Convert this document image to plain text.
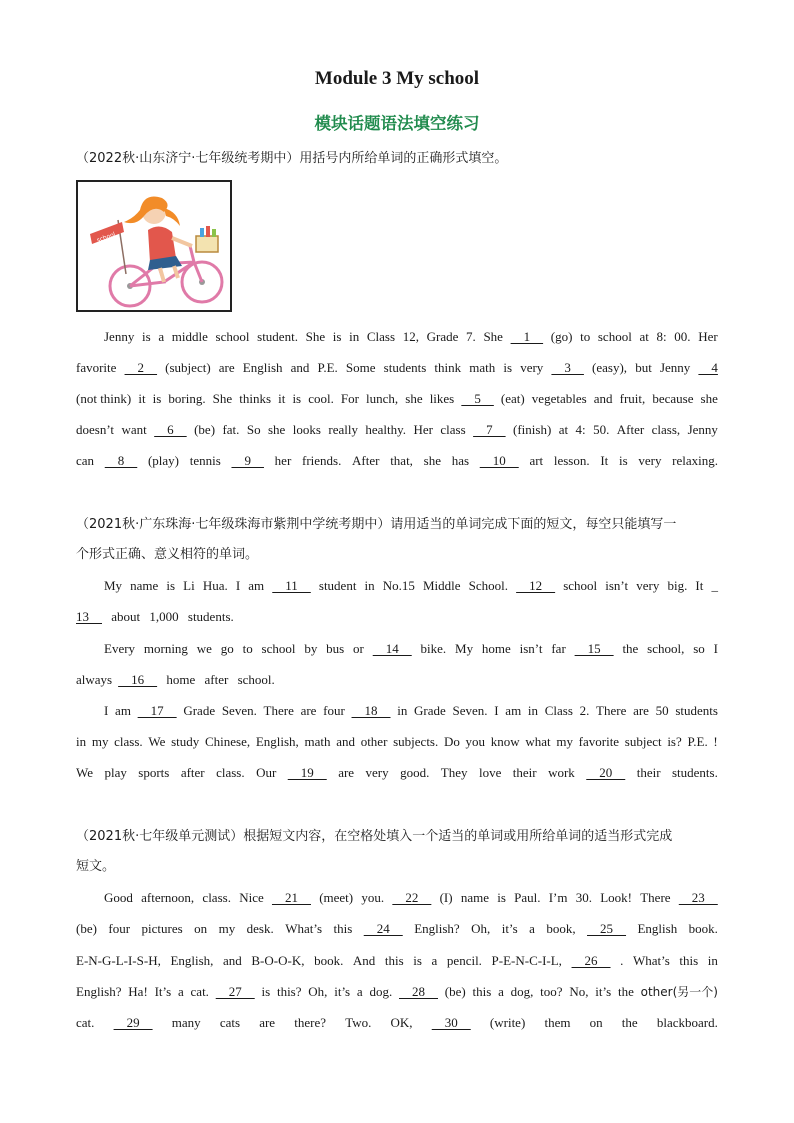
Module 3 My school
模块话题语法填空练习
（2022秋·山东济宁·七年级统考期中）用括号内所给单词的正确形式填空。
school
Jenny is a middle school student. She is in Class 12, Grade 7. She 1 (go) to school at 8: 00. Her
favorite 2 (subject) are English and P.E. Some students think math is very 3 (easy), but Jenny 4
(not think) it is boring. She thinks it is cool. For lunch, she likes 5 (eat) vegetables and fruit, because she
doesn’t want 6 (be) fat. So she looks really healthy. Her class 7 (finish) at 4: 50. After class, Jenny
can 8 (play) tennis 9 her friends. After that, she has 10 art lesson. It is very relaxing.
（2021秋·广东珠海·七年级珠海市紫荆中学统考期中）请用适当的单词完成下面的短文，每空只能填写一
个形式正确、意义相符的单词。
My name is Li Hua. I am 11 student in No.15 Middle School. 12 school isn’t very big. It _
13 about 1,000 students.
Every morning we go to school by bus or 14 bike. My home isn’t far 15 the school, so I
always 16 home after school.
I am 17 Grade Seven. There are four 18 in Grade Seven. I am in Class 2. There are 50 students
in my class. We study Chinese, English, math and other subjects. Do you know what my favorite subject is? P.E. !
We play sports after class. Our 19 are very good. They love their work 20 their students.
（2021秋·七年级单元测试）根据短文内容，在空格处填入一个适当的单词或用所给单词的适当形式完成
短文。
Good afternoon, class. Nice 21 (meet) you. 22 (I) name is Paul. I’m 30. Look! There 23
(be) four pictures on my desk. What’s this 24 English? Oh, it’s a book, 25 English book.
E-N-G-L-I-S-H, English, and B-O-O-K, book. And this is a pencil. P-E-N-C-I-L, 26 . What’s this in
English? Ha! It’s a cat. 27 is this? Oh, it’s a dog. 28 (be) this a dog, too? No, it’s the other(另一个)
cat. 29 many cats are there? Two. OK, 30 (write) them on the blackboard.
